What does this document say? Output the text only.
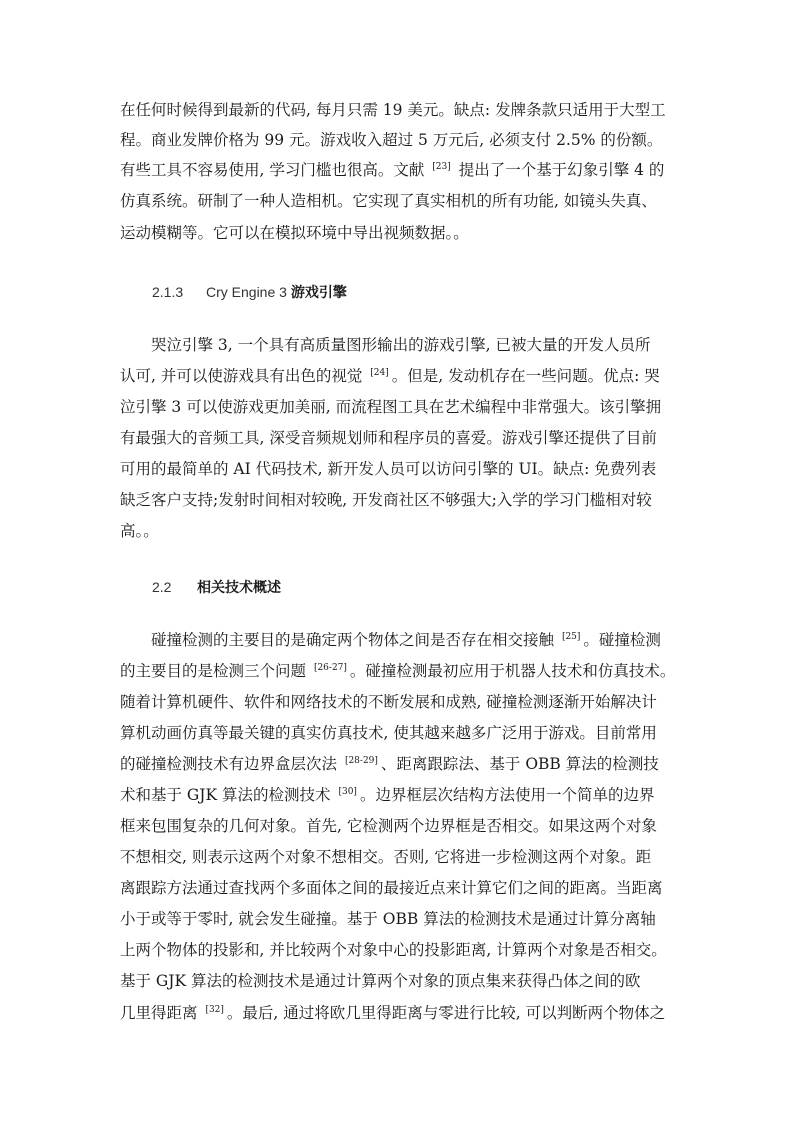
在任何时候得到最新的代码, 每月只需 19 美元。缺点: 发牌条款只适用于大型工
程。商业发牌价格为 99 元。游戏收入超过 5 万元后, 必须支付 2.5% 的份额。
有些工具不容易使用, 学习门槛也很高。文献 [23] 提出了一个基于幻象引擎 4 的
仿真系统。研制了一种人造相机。它实现了真实相机的所有功能, 如镜头失真、
运动模糊等。它可以在模拟环境中导出视频数据。。
2.1.3 Cry Engine 3 游戏引擎
　　哭泣引擎 3, 一个具有高质量图形输出的游戏引擎, 已被大量的开发人员所
认可, 并可以使游戏具有出色的视觉 [24] 。但是, 发动机存在一些问题。优点: 哭
泣引擎 3 可以使游戏更加美丽, 而流程图工具在艺术编程中非常强大。该引擎拥
有最强大的音频工具, 深受音频规划师和程序员的喜爱。游戏引擎还提供了目前
可用的最简单的 AI 代码技术, 新开发人员可以访问引擎的 UI。缺点: 免费列表
缺乏客户支持;发射时间相对较晚, 开发商社区不够强大;入学的学习门槛相对较
高。。
2.2 相关技术概述
　　碰撞检测的主要目的是确定两个物体之间是否存在相交接触 [25] 。碰撞检测
的主要目的是检测三个问题 [26-27] 。碰撞检测最初应用于机器人技术和仿真技术。
随着计算机硬件、软件和网络技术的不断发展和成熟, 碰撞检测逐渐开始解决计
算机动画仿真等最关键的真实仿真技术, 使其越来越多广泛用于游戏。目前常用
的碰撞检测技术有边界盒层次法 [28-29] 、距离跟踪法、基于 OBB 算法的检测技
术和基于 GJK 算法的检测技术 [30] 。边界框层次结构方法使用一个简单的边界
框来包围复杂的几何对象。首先, 它检测两个边界框是否相交。如果这两个对象
不想相交, 则表示这两个对象不想相交。否则, 它将进一步检测这两个对象。距
离跟踪方法通过查找两个多面体之间的最接近点来计算它们之间的距离。当距离
小于或等于零时, 就会发生碰撞。基于 OBB 算法的检测技术是通过计算分离轴
上两个物体的投影和, 并比较两个对象中心的投影距离, 计算两个对象是否相交。
基于 GJK 算法的检测技术是通过计算两个对象的顶点集来获得凸体之间的欧
几里得距离 [32] 。最后, 通过将欧几里得距离与零进行比较, 可以判断两个物体之
